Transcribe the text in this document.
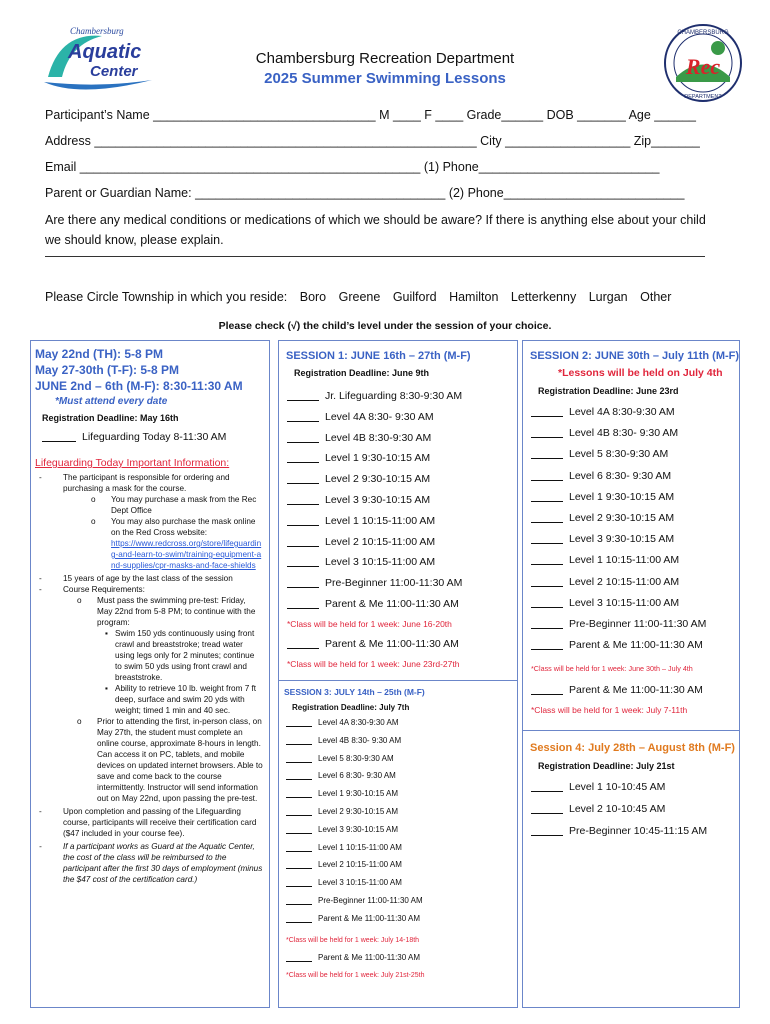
Chambersburg
Aquatic
Center
CHAMBERSBURG
Rec
DEPARTMENT
Chambersburg Recreation Department
2025 Summer Swimming Lessons
Participant’s Name ________________________________ M ____ F ____ Grade______ DOB _______ Age ______
Address _______________________________________________________ City __________________ Zip_______
Email _________________________________________________ (1) Phone__________________________
Parent or Guardian Name: ____________________________________ (2) Phone__________________________
Are there any medical conditions or medications of which we should be aware? If there is anything else about your child we should know, please explain.
Please Circle Township in which you reside: Boro Greene Guilford Hamilton Letterkenny Lurgan Other
Please check (√) the child’s level under the session of your choice.
May 22nd (TH): 5-8 PM
May 27-30th (T-F): 5-8 PM
JUNE 2nd – 6th (M-F): 8:30-11:30 AM
*Must attend every date
Registration Deadline: May 16th
Lifeguarding Today 8-11:30 AM
Lifeguarding Today Important Information:
-	The participant is responsible for ordering and purchasing a mask for the course.
o You may purchase a mask from the Rec Dept Office
o You may also purchase the mask online on the Red Cross website:
https://www.redcross.org/store/lifeguarding-and-learn-to-swim/training-equipment-and-supplies/cpr-masks-and-face-shields
-	15 years of age by the last class of the session
-	Course Requirements:
o Must pass the swimming pre-test: Friday, May 22nd from 5-8 PM; to continue with the program:
▪ Swim 150 yds continuously using front crawl and breaststroke; tread water using legs only for 2 minutes; continue to swim 50 yds using front crawl and breaststroke.
▪ Ability to retrieve 10 lb. weight from 7 ft deep, surface and swim 20 yds with weight; timed 1 min and 40 sec.
o Prior to attending the first, in-person class, on May 27th, the student must complete an online course, approximate 8-hours in length. Can access it on PC, tablets, and mobile devices on updated internet browsers. Able to save and come back to the course intermittently. Instructor will send information out on May 22nd, upon passing the pre-test.
-	Upon completion and passing of the Lifeguarding course, participants will receive their certification card ($47 included in your course fee).
-	If a participant works as Guard at the Aquatic Center, the cost of the class will be reimbursed to the participant after the first 30 days of employment (minus the $47 cost of the certification card.)
SESSION 1: JUNE 16th – 27th (M-F)
Registration Deadline: June 9th
SESSION 3: JULY 14th – 25th (M-F)
Registration Deadline: July 7th
SESSION 2: JUNE 30th – July 11th (M-F)
*Lessons will be held on July 4th
Registration Deadline: June 23rd
Session 4: July 28th – August 8th (M-F)
Registration Deadline: July 21st
Jr. Lifeguarding 8:30-9:30 AM
Level 4A 8:30- 9:30 AM
Level 4B 8:30-9:30 AM
Level 1 9:30-10:15 AM
Level 2 9:30-10:15 AM
Level 3 9:30-10:15 AM
Level 1 10:15-11:00 AM
Level 2 10:15-11:00 AM
Level 3 10:15-11:00 AM
Pre-Beginner 11:00-11:30 AM
Parent & Me 11:00-11:30 AM
*Class will be held for 1 week: June 16-20th
Parent & Me 11:00-11:30 AM
*Class will be held for 1 week: June 23rd-27th
Level 4A 8:30-9:30 AM
Level 4B 8:30- 9:30 AM
Level 5 8:30-9:30 AM
Level 6 8:30- 9:30 AM
Level 1 9:30-10:15 AM
Level 2 9:30-10:15 AM
Level 3 9:30-10:15 AM
Level 1 10:15-11:00 AM
Level 2 10:15-11:00 AM
Level 3 10:15-11:00 AM
Pre-Beginner 11:00-11:30 AM
Parent & Me 11:00-11:30 AM
*Class will be held for 1 week: July 14-18th
Parent & Me 11:00-11:30 AM
*Class will be held for 1 week: July 21st-25th
Level 4A 8:30-9:30 AM
Level 4B 8:30- 9:30 AM
Level 5 8:30-9:30 AM
Level 6 8:30- 9:30 AM
Level 1 9:30-10:15 AM
Level 2 9:30-10:15 AM
Level 3 9:30-10:15 AM
Level 1 10:15-11:00 AM
Level 2 10:15-11:00 AM
Level 3 10:15-11:00 AM
Pre-Beginner 11:00-11:30 AM
Parent & Me 11:00-11:30 AM
*Class will be held for 1 week: June 30th – July 4th
Parent & Me 11:00-11:30 AM
*Class will be held for 1 week: July 7-11th
Level 1 10-10:45 AM
Level 2 10-10:45 AM
Pre-Beginner 10:45-11:15 AM
